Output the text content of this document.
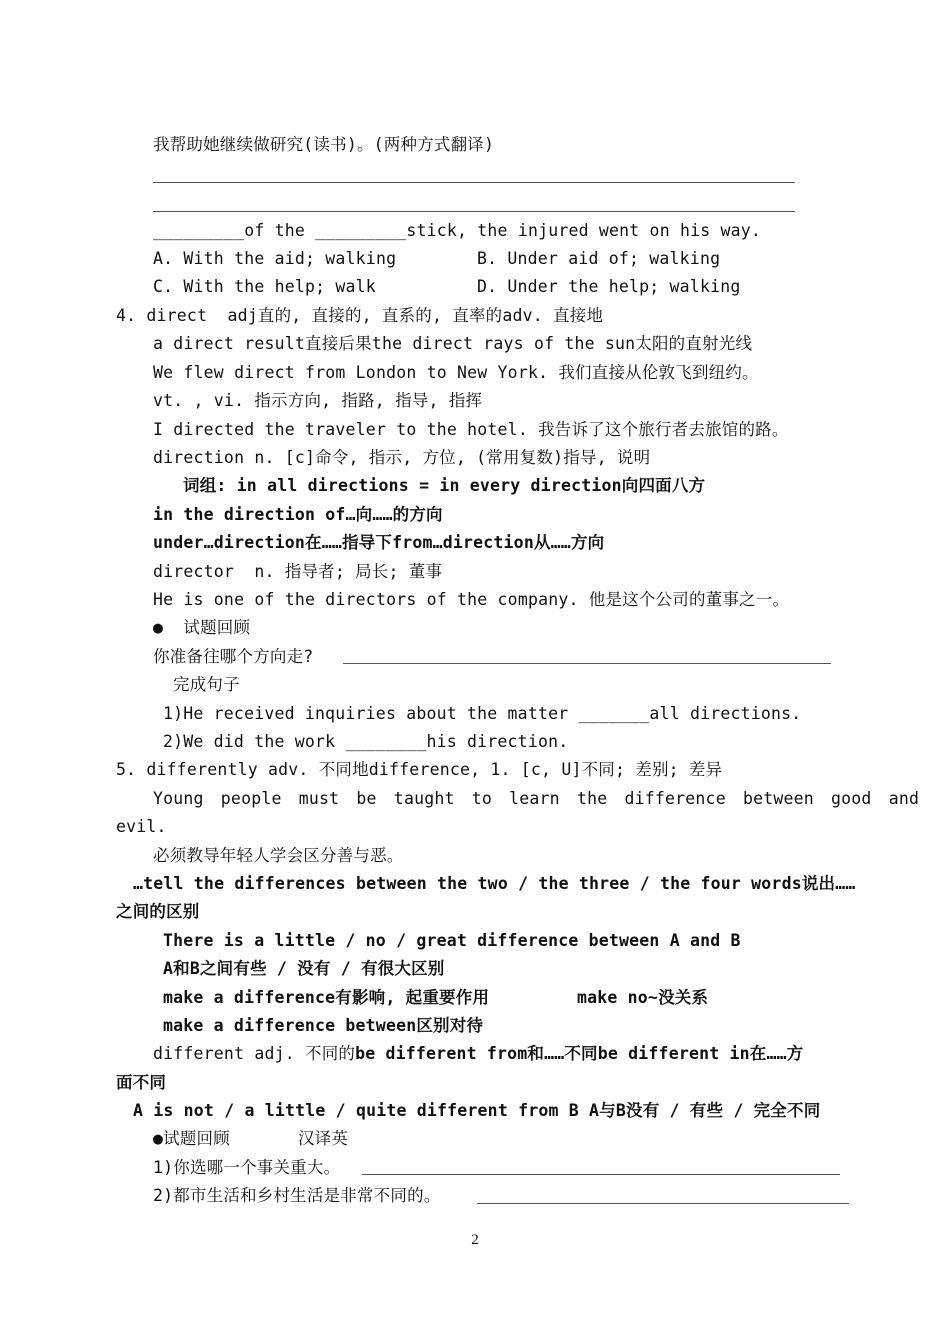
我帮助她继续做研究(读书)。(两种方式翻译)
_________of the _________stick, the injured went on his way.
A. With the aid; walking	B. Under aid of; walking
C. With the help; walk	D. Under the help; walking
4. direct  adj直的, 直接的, 直系的, 直率的adv. 直接地
a direct result直接后果the direct rays of the sun太阳的直射光线
We flew direct from London to New York. 我们直接从伦敦飞到纽约。
vt. , vi. 指示方向, 指路, 指导, 指挥
I directed the traveler to the hotel. 我告诉了这个旅行者去旅馆的路。
direction n. [c]命令, 指示, 方位, (常用复数)指导, 说明
词组: in all directions = in every direction向四面八方
in the direction of…向……的方向
under…direction在……指导下from…direction从……方向
director  n. 指导者; 局长; 董事
He is one of the directors of the company. 他是这个公司的董事之一。
●  试题回顾
你准备往哪个方向走?
完成句子
1)He received inquiries about the matter _______all directions.
2)We did the work ________his direction.
5. differently adv. 不同地difference, 1. [c, U]不同; 差别; 差异
Young people must be taught to learn the difference between good and
evil.
必须教导年轻人学会区分善与恶。
…tell the differences between the two / the three / the four words说出……
之间的区别
There is a little / no / great difference between A and B
A和B之间有些 / 没有 / 有很大区别
make a difference有影响, 起重要作用	make no~没关系
make a difference between区别对待
different adj. 不同的be different from和……不同be different in在……方
面不同
A is not / a little / quite different from B A与B没有 / 有些 / 完全不同
●试题回顾	汉译英
1)你选哪一个事关重大。
2)都市生活和乡村生活是非常不同的。
2
